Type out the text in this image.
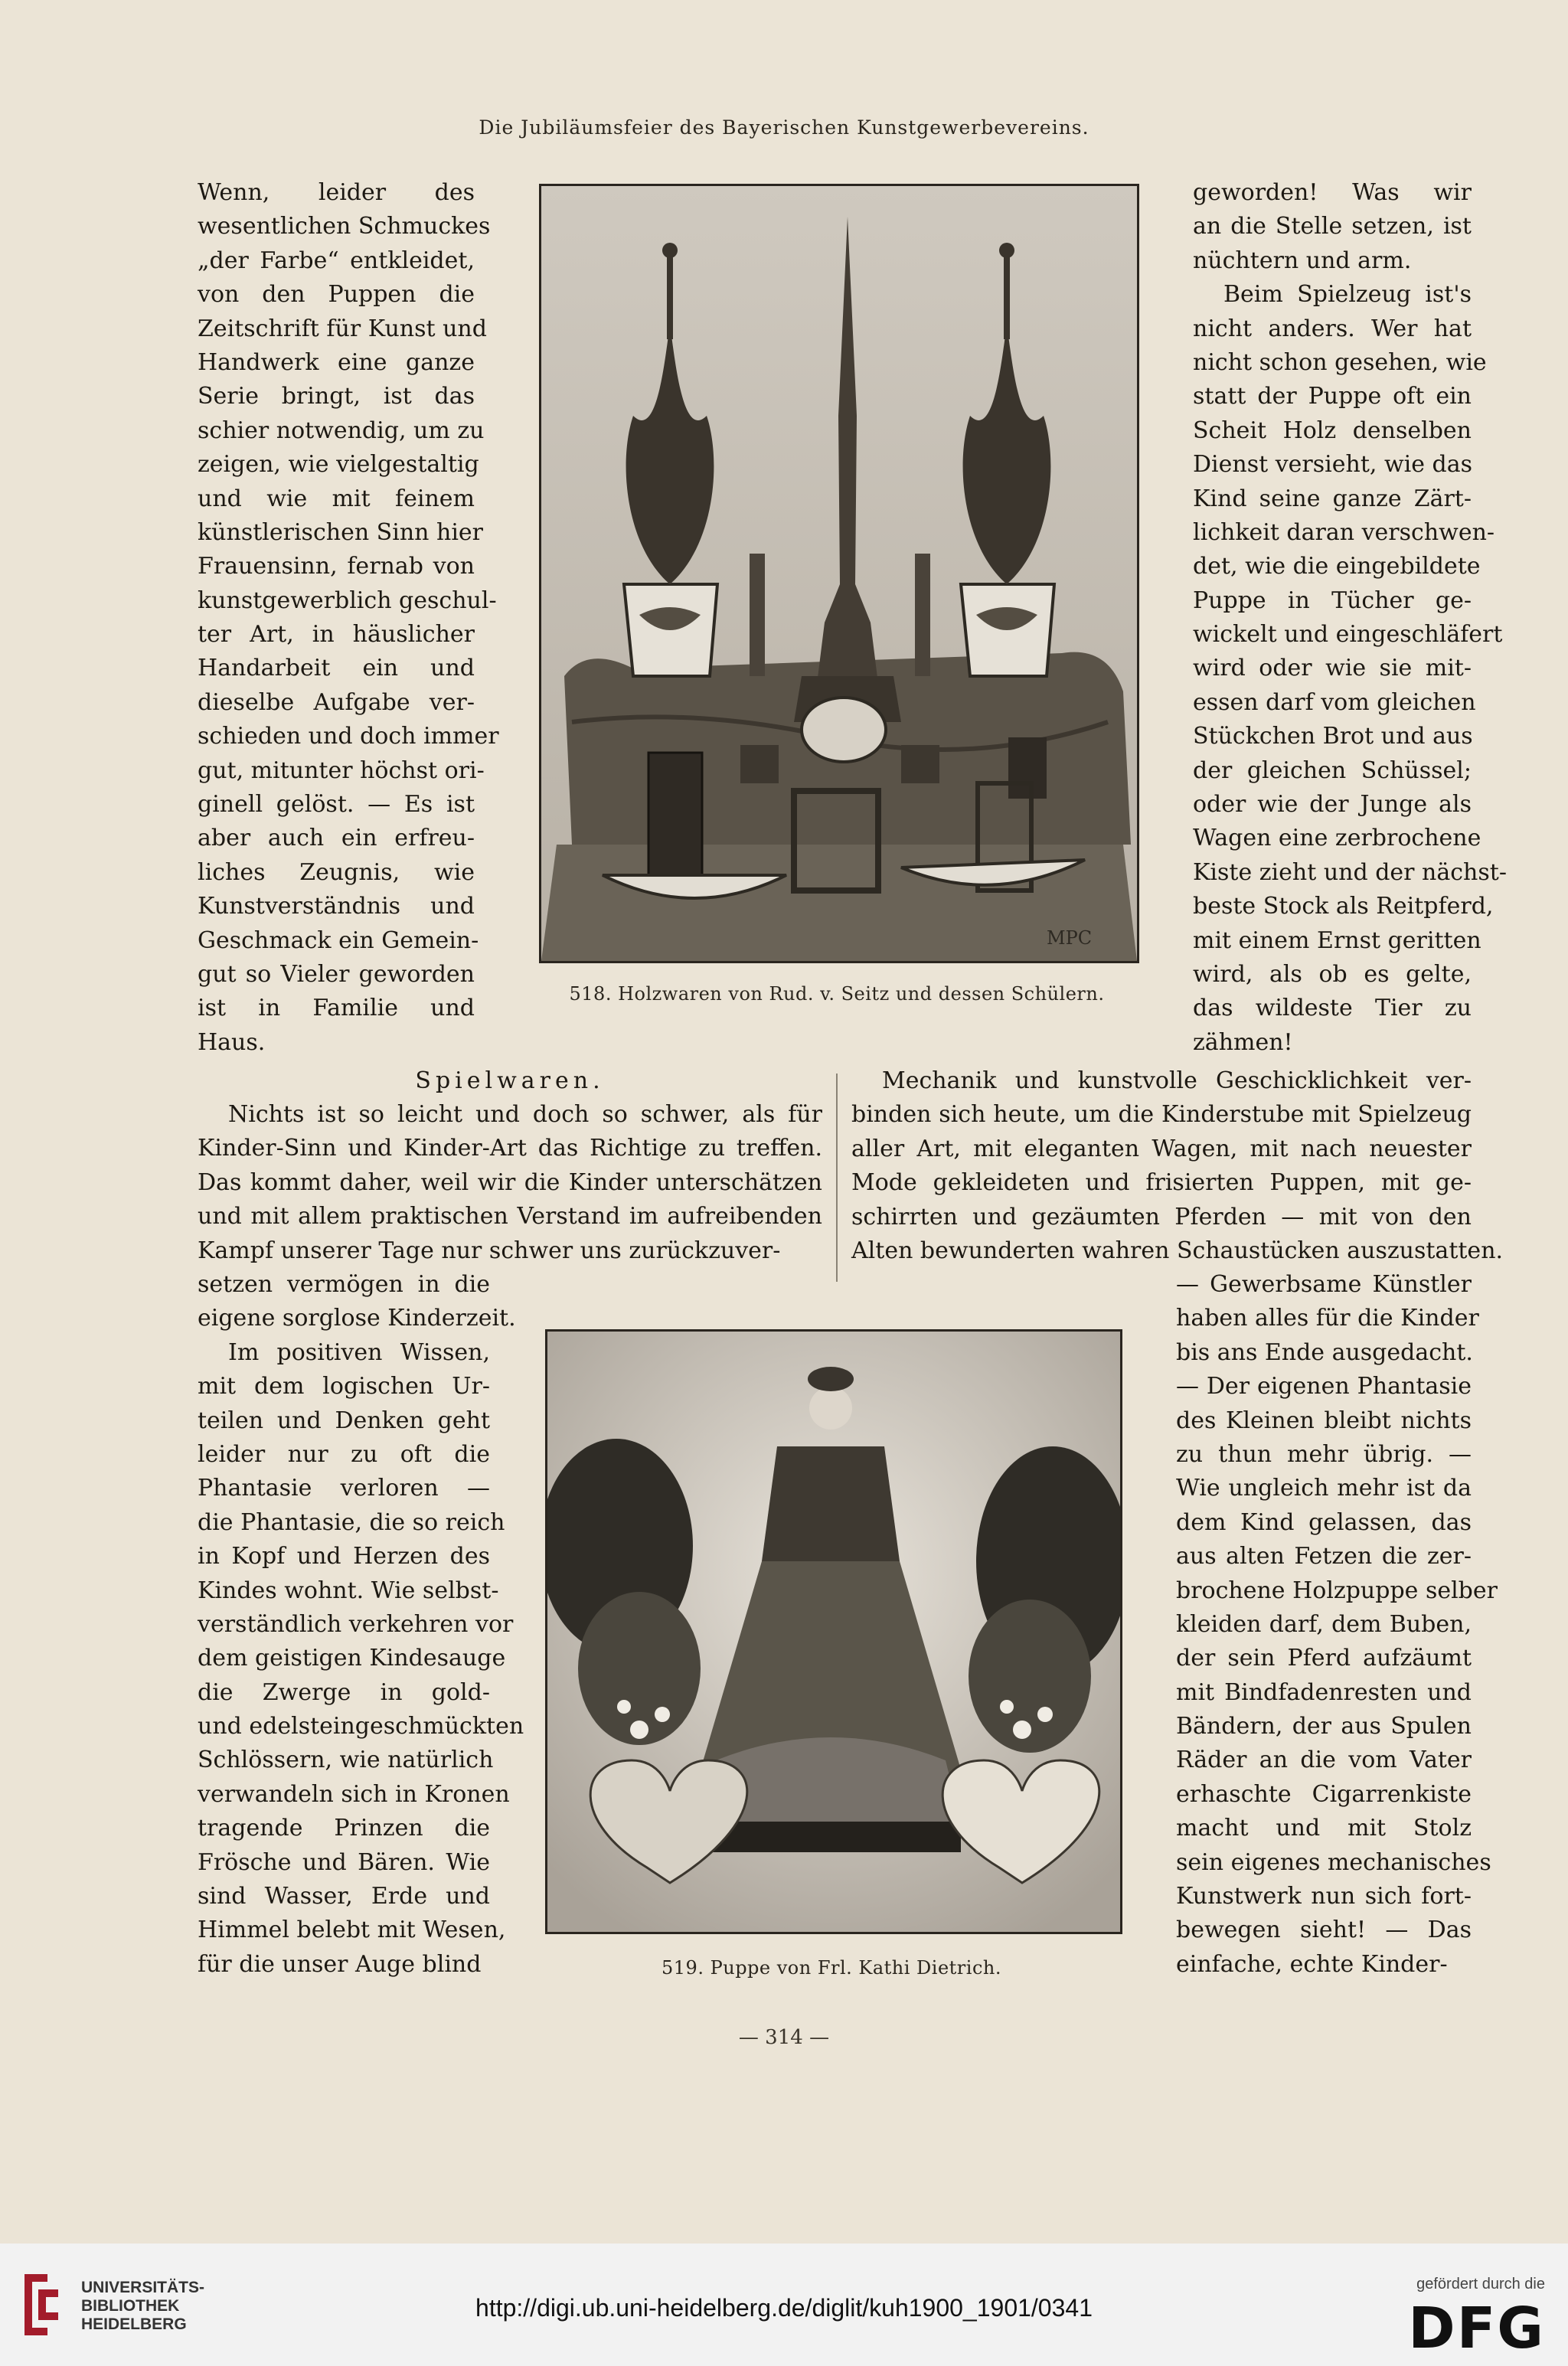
Die Jubiläumsfeier des Bayerischen Kunstgewerbevereins.
Wenn, leider des
wesentlichen Schmuckes
„der Farbe“ entkleidet,
von den Puppen die
Zeitschrift für Kunst und
Handwerk eine ganze
Serie bringt, ist das
schier notwendig, um zu
zeigen, wie vielgestaltig
und wie mit feinem
künstlerischen Sinn hier
Frauensinn, fernab von
kunstgewerblich geschul-
ter Art, in häuslicher
Handarbeit ein und
dieselbe Aufgabe ver-
schieden und doch immer
gut, mitunter höchst ori-
ginell gelöst. — Es ist
aber auch ein erfreu-
liches Zeugnis, wie
Kunstverständnis und
Geschmack ein Gemein-
gut so Vieler geworden
ist in Familie und
Haus.
MPC
518. Holzwaren von Rud. v. Seitz und dessen Schülern.
geworden! Was wir
an die Stelle setzen, ist
nüchtern und arm.
Beim Spielzeug ist's
nicht anders. Wer hat
nicht schon gesehen, wie
statt der Puppe oft ein
Scheit Holz denselben
Dienst versieht, wie das
Kind seine ganze Zärt-
lichkeit daran verschwen-
det, wie die eingebildete
Puppe in Tücher ge-
wickelt und eingeschläfert
wird oder wie sie mit-
essen darf vom gleichen
Stückchen Brot und aus
der gleichen Schüssel;
oder wie der Junge als
Wagen eine zerbrochene
Kiste zieht und der nächst-
beste Stock als Reitpferd,
mit einem Ernst geritten
wird, als ob es gelte,
das wildeste Tier zu
zähmen!
Spielwaren.
Nichts ist so leicht und doch so schwer, als für
Kinder-Sinn und Kinder-Art das Richtige zu treffen.
Das kommt daher, weil wir die Kinder unterschätzen
und mit allem praktischen Verstand im aufreibenden
Kampf unserer Tage nur schwer uns zurückzuver-
Mechanik und kunstvolle Geschicklichkeit ver-
binden sich heute, um die Kinderstube mit Spielzeug
aller Art, mit eleganten Wagen, mit nach neuester
Mode gekleideten und frisierten Puppen, mit ge-
schirrten und gezäumten Pferden — mit von den
Alten bewunderten wahren Schaustücken auszustatten.
setzen vermögen in die
eigene sorglose Kinderzeit.
Im positiven Wissen,
mit dem logischen Ur-
teilen und Denken geht
leider nur zu oft die
Phantasie verloren —
die Phantasie, die so reich
in Kopf und Herzen des
Kindes wohnt. Wie selbst-
verständlich verkehren vor
dem geistigen Kindesauge
die Zwerge in gold-
und edelsteingeschmückten
Schlössern, wie natürlich
verwandeln sich in Kronen
tragende Prinzen die
Frösche und Bären. Wie
sind Wasser, Erde und
Himmel belebt mit Wesen,
für die unser Auge blind	519. Puppe von Frl. Kathi Dietrich.
— Gewerbsame Künstler
haben alles für die Kinder
bis ans Ende ausgedacht.
— Der eigenen Phantasie
des Kleinen bleibt nichts
zu thun mehr übrig. —
Wie ungleich mehr ist da
dem Kind gelassen, das
aus alten Fetzen die zer-
brochene Holzpuppe selber
kleiden darf, dem Buben,
der sein Pferd aufzäumt
mit Bindfadenresten und
Bändern, der aus Spulen
Räder an die vom Vater
erhaschte Cigarrenkiste
macht und mit Stolz
sein eigenes mechanisches
Kunstwerk nun sich fort-
bewegen sieht! — Das
einfache, echte Kinder-
— 314 —
UNIVERSITÄTS-
BIBLIOTHEK
HEIDELBERG
http://digi.ub.uni-heidelberg.de/diglit/kuh1900_1901/0341
gefördert durch die
DFG
